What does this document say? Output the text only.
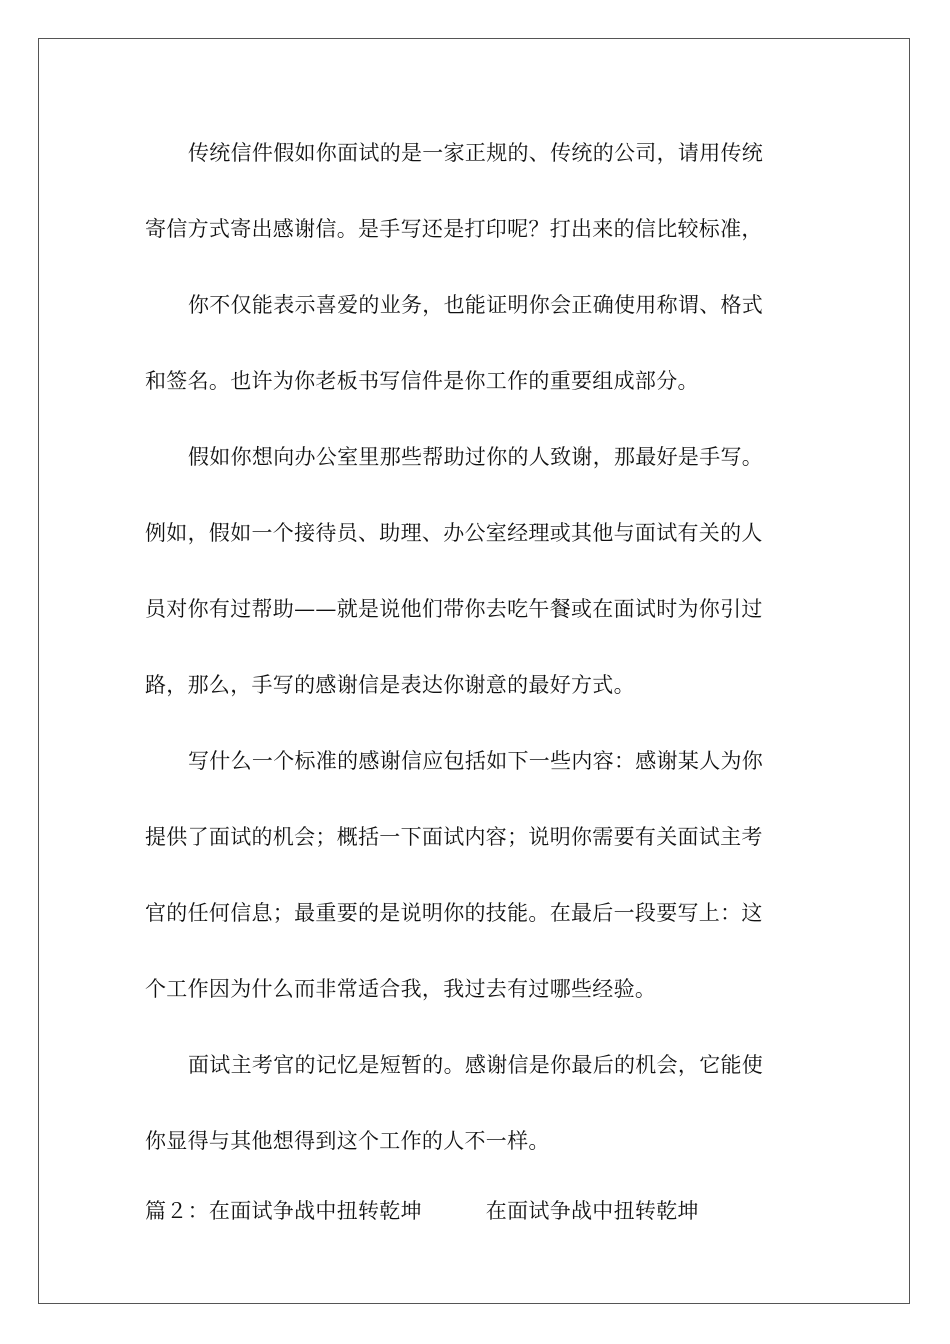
传统信件假如你面试的是一家正规的、传统的公司，请用传统
寄信方式寄出感谢信。是手写还是打印呢？打出来的信比较标准，
你不仅能表示喜爱的业务，也能证明你会正确使用称谓、格式
和签名。也许为你老板书写信件是你工作的重要组成部分。
假如你想向办公室里那些帮助过你的人致谢，那最好是手写。
例如，假如一个接待员、助理、办公室经理或其他与面试有关的人
员对你有过帮助——就是说他们带你去吃午餐或在面试时为你引过
路，那么，手写的感谢信是表达你谢意的最好方式。
写什么一个标准的感谢信应包括如下一些内容：感谢某人为你
提供了面试的机会；概括一下面试内容；说明你需要有关面试主考
官的任何信息；最重要的是说明你的技能。在最后一段要写上：这
个工作因为什么而非常适合我，我过去有过哪些经验。
面试主考官的记忆是短暂的。感谢信是你最后的机会，它能使
你显得与其他想得到这个工作的人不一样。
篇２：在面试争战中扭转乾坤　　　在面试争战中扭转乾坤
